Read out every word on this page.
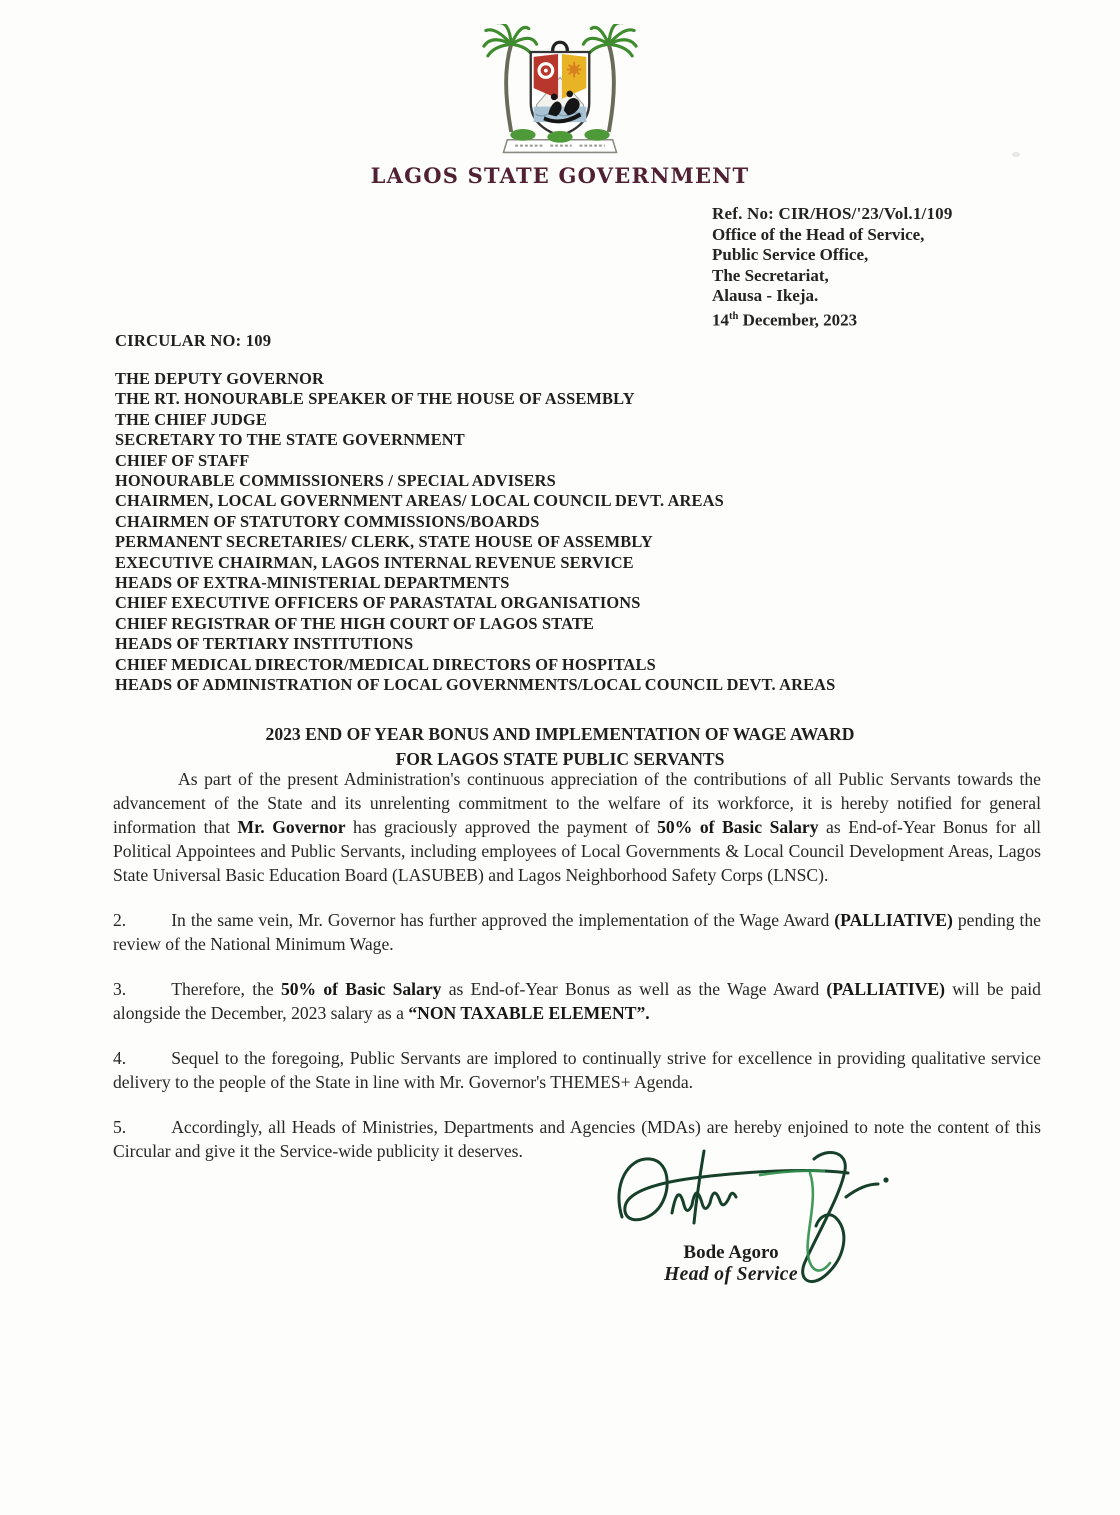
LAGOS STATE GOVERNMENT
Ref. No: CIR/HOS/'23/Vol.1/109
Office of the Head of Service,
Public Service Office,
The Secretariat,
Alausa - Ikeja.
14th December, 2023
CIRCULAR NO: 109
THE DEPUTY GOVERNOR
THE RT. HONOURABLE SPEAKER OF THE HOUSE OF ASSEMBLY
THE CHIEF JUDGE
SECRETARY TO THE STATE GOVERNMENT
CHIEF OF STAFF
HONOURABLE COMMISSIONERS / SPECIAL ADVISERS
CHAIRMEN, LOCAL GOVERNMENT AREAS/ LOCAL COUNCIL DEVT. AREAS
CHAIRMEN OF STATUTORY COMMISSIONS/BOARDS
PERMANENT SECRETARIES/ CLERK, STATE HOUSE OF ASSEMBLY
EXECUTIVE CHAIRMAN, LAGOS INTERNAL REVENUE SERVICE
HEADS OF EXTRA-MINISTERIAL DEPARTMENTS
CHIEF EXECUTIVE OFFICERS OF PARASTATAL ORGANISATIONS
CHIEF REGISTRAR OF THE HIGH COURT OF LAGOS STATE
HEADS OF TERTIARY INSTITUTIONS
CHIEF MEDICAL DIRECTOR/MEDICAL DIRECTORS OF HOSPITALS
HEADS OF ADMINISTRATION OF LOCAL GOVERNMENTS/LOCAL COUNCIL DEVT. AREAS
2023 END OF YEAR BONUS AND IMPLEMENTATION OF WAGE AWARD
FOR LAGOS STATE PUBLIC SERVANTS

As part of the present Administration's continuous appreciation of the contributions of all Public Servants towards the advancement of the State and its unrelenting commitment to the welfare of its workforce, it is hereby notified for general information that Mr. Governor has graciously approved the payment of 50% of Basic Salary as End-of-Year Bonus for all Political Appointees and Public Servants, including employees of Local Governments & Local Council Development Areas, Lagos State Universal Basic Education Board (LASUBEB) and Lagos Neighborhood Safety Corps (LNSC).

2.	In the same vein, Mr. Governor has further approved the implementation of the Wage Award (PALLIATIVE) pending the review of the National Minimum Wage.

3.	Therefore, the 50% of Basic Salary as End-of-Year Bonus as well as the Wage Award (PALLIATIVE) will be paid alongside the December, 2023 salary as a “NON TAXABLE ELEMENT”.

4.	Sequel to the foregoing, Public Servants are implored to continually strive for excellence in providing qualitative service delivery to the people of the State in line with Mr. Governor's THEMES+ Agenda.

5.	Accordingly, all Heads of Ministries, Departments and Agencies (MDAs) are hereby enjoined to note the content of this Circular and give it the Service-wide publicity it deserves.

Bode Agoro
Head of Service
